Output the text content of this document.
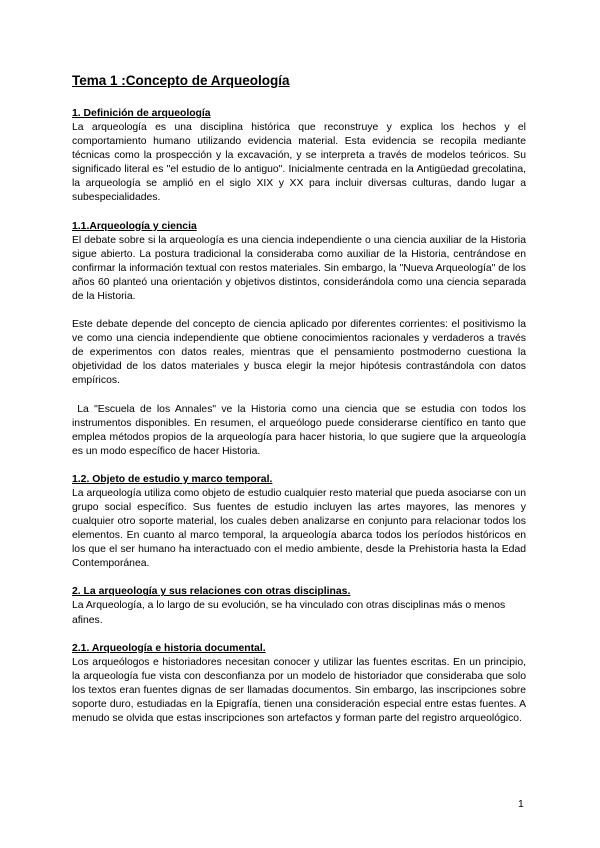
Tema 1 :Concepto de Arqueología
1. Definición de arqueología

La arqueología es una disciplina histórica que reconstruye y explica los hechos y el comportamiento humano utilizando evidencia material. Esta evidencia se recopila mediante técnicas como la prospección y la excavación, y se interpreta a través de modelos teóricos. Su significado literal es "el estudio de lo antiguo". Inicialmente centrada en la Antigüedad grecolatina, la arqueología se amplió en el siglo XIX y XX para incluir diversas culturas, dando lugar a subespecialidades.

1.1.Arqueología y ciencia

El debate sobre si la arqueología es una ciencia independiente o una ciencia auxiliar de la Historia sigue abierto. La postura tradicional la consideraba como auxiliar de la Historia, centrándose en confirmar la información textual con restos materiales. Sin embargo, la "Nueva Arqueología" de los años 60 planteó una orientación y objetivos distintos, considerándola como una ciencia separada de la Historia.

Este debate depende del concepto de ciencia aplicado por diferentes corrientes: el positivismo la ve como una ciencia independiente que obtiene conocimientos racionales y verdaderos a través de experimentos con datos reales, mientras que el pensamiento postmoderno cuestiona la objetividad de los datos materiales y busca elegir la mejor hipótesis contrastándola con datos empíricos.

La "Escuela de los Annales" ve la Historia como una ciencia que se estudia con todos los instrumentos disponibles. En resumen, el arqueólogo puede considerarse científico en tanto que emplea métodos propios de la arqueología para hacer historia, lo que sugiere que la arqueología es un modo específico de hacer Historia.

1.2. Objeto de estudio y marco temporal.

La arqueología utiliza como objeto de estudio cualquier resto material que pueda asociarse con un grupo social específico. Sus fuentes de estudio incluyen las artes mayores, las menores y cualquier otro soporte material, los cuales deben analizarse en conjunto para relacionar todos los elementos. En cuanto al marco temporal, la arqueología abarca todos los períodos históricos en los que el ser humano ha interactuado con el medio ambiente, desde la Prehistoria hasta la Edad Contemporánea.

2. La arqueología y sus relaciones con otras disciplinas.

La Arqueología, a lo largo de su evolución, se ha vinculado con otras disciplinas más o menos afines.

2.1. Arqueología e historia documental.

Los arqueólogos e historiadores necesitan conocer y utilizar las fuentes escritas. En un principio, la arqueología fue vista con desconfianza por un modelo de historiador que consideraba que solo los textos eran fuentes dignas de ser llamadas documentos. Sin embargo, las inscripciones sobre soporte duro, estudiadas en la Epigrafía, tienen una consideración especial entre estas fuentes. A menudo se olvida que estas inscripciones son artefactos y forman parte del registro arqueológico.

1
